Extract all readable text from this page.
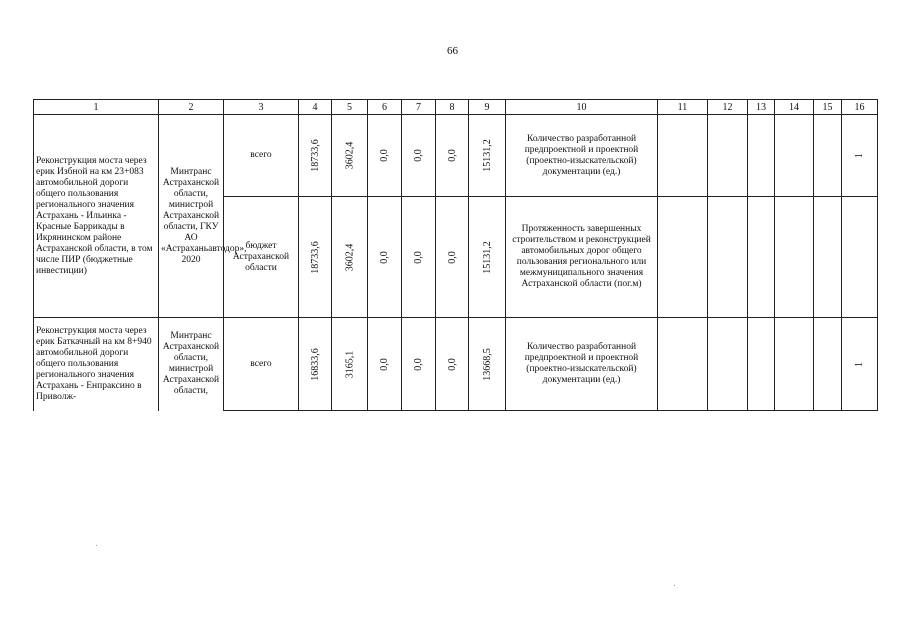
66
1	2	3	4	5	6	7	8	9	10	11	12	13	14	15	16
Реконструкция моста через ерик Избной на км 23+083 автомобильной дороги общего пользования регионального значения Астрахань - Ильинка - Красные Баррикады в Икрянинском районе Астраханской области, в том числе ПИР (бюджетные инвестиции)	Минтранс Астраханской области, министрой Астраханской области, ГКУ АО «Астраханьавтодор», 2020	всего	18733,6	3602,4	0,0	0,0	0,0	15131,2	Количество разработанной предпроектной и проектной (проектно-изыскательской) документации (ед.)						1

		бюджет Астраханской области	18733,6	3602,4	0,0	0,0	0,0	15131,2	Протяженность завершенных строительством и реконструкцией автомобильных дорог общего пользования регионального или межмуниципального значения Астраханской области (пог.м)						

Реконструкция моста через ерик Баткачный на км 8+940 автомобильной дороги общего пользования регионального значения Астрахань - Енпраксино в Приволж-	Минтранс Астраханской области, министрой Астраханской области,	всего	16833,6	3165,1	0,0	0,0	0,0	13668,5	Количество разработанной предпроектной и проектной (проектно-изыскательской) документации (ед.)						1
